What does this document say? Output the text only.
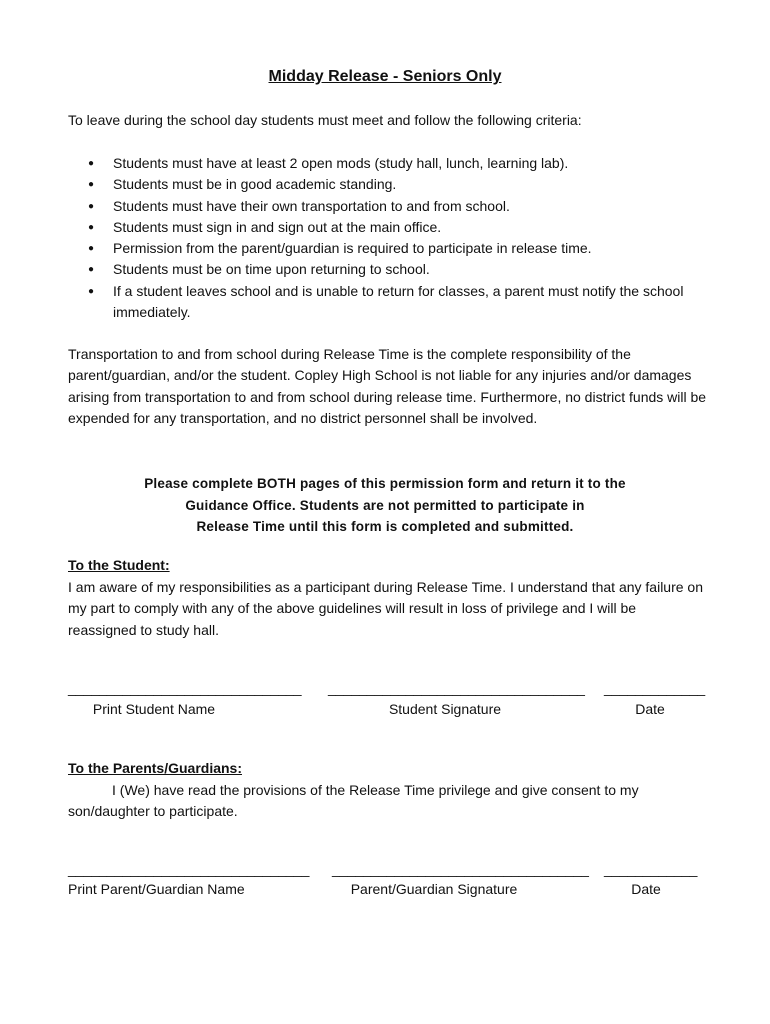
Midday Release - Seniors Only
To leave during the school day students must meet and follow the following criteria:
● Students must have at least 2 open mods (study hall, lunch, learning lab).
● Students must be in good academic standing.
● Students must have their own transportation to and from school.
● Students must sign in and sign out at the main office.
● Permission from the parent/guardian is required to participate in release time.
● Students must be on time upon returning to school.
● If a student leaves school and is unable to return for classes, a parent must notify the school immediately.
Transportation to and from school during Release Time is the complete responsibility of the parent/guardian, and/or the student. Copley High School is not liable for any injuries and/or damages arising from transportation to and from school during release time. Furthermore, no district funds will be expended for any transportation, and no district personnel shall be involved.
Please complete BOTH pages of this permission form and return it to the
Guidance Office. Students are not permitted to participate in
Release Time until this form is completed and submitted.
To the Student:
I am aware of my responsibilities as a participant during Release Time. I understand that any failure on my part to comply with any of the above guidelines will result in loss of privilege and I will be reassigned to study hall.
______________________________ _________________________________ _____________
Print Student Name	Student Signature	Date
To the Parents/Guardians:
I (We) have read the provisions of the Release Time privilege and give consent to my son/daughter to participate.
_______________________________ _________________________________ ____________
Print Parent/Guardian Name	Parent/Guardian Signature	Date
